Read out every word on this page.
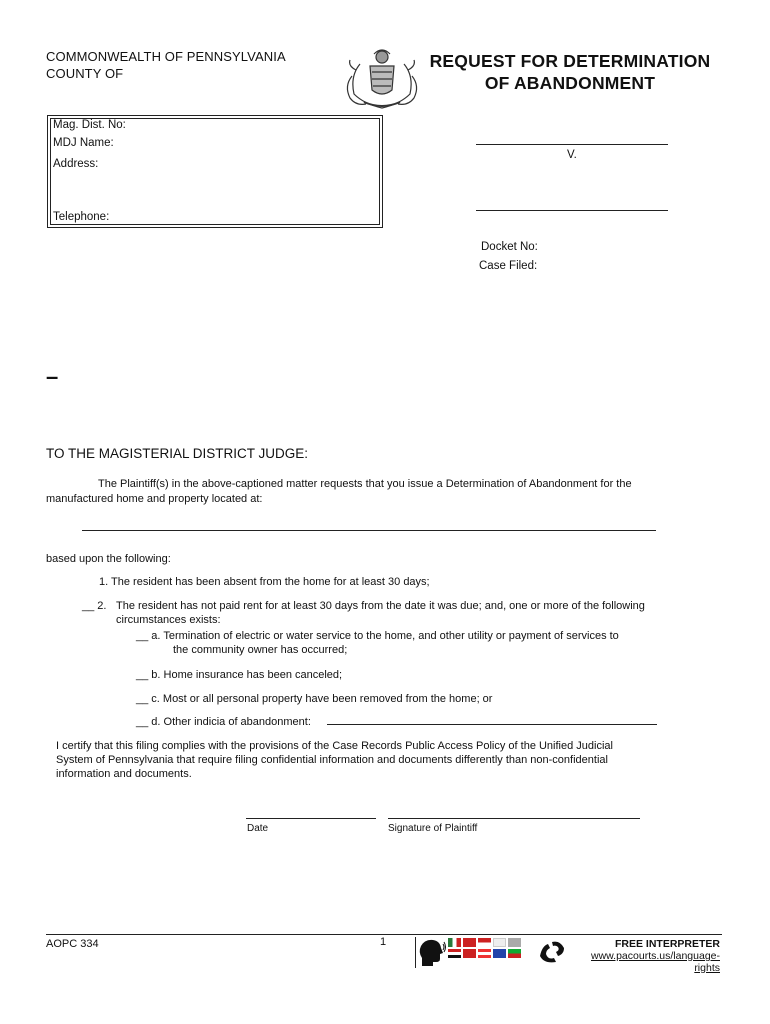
COMMONWEALTH OF PENNSYLVANIA
COUNTY OF
REQUEST FOR DETERMINATION
OF ABANDONMENT
Mag. Dist. No:
MDJ Name:
Address:
Telephone:
V.
Docket No:
Case Filed:
–
TO THE MAGISTERIAL DISTRICT JUDGE:
The Plaintiff(s) in the above-captioned matter requests that you issue a Determination of Abandonment for the
manufactured home and property located at:
based upon the following:
1. The resident has been absent from the home for at least 30 days;
__ 2. The resident has not paid rent for at least 30 days from the date it was due; and, one or more of the following
circumstances exists:
__ a. Termination of electric or water service to the home, and other utility or payment of services to
the community owner has occurred;
__ b. Home insurance has been canceled;
__ c. Most or all personal property have been removed from the home; or
__ d. Other indicia of abandonment:
I certify that this filing complies with the provisions of the Case Records Public Access Policy of the Unified Judicial
System of Pennsylvania that require filing confidential information and documents differently than non-confidential
information and documents.
Date	Signature of Plaintiff
AOPC 334	1	FREE INTERPRETER
www.pacourts.us/language-rights
